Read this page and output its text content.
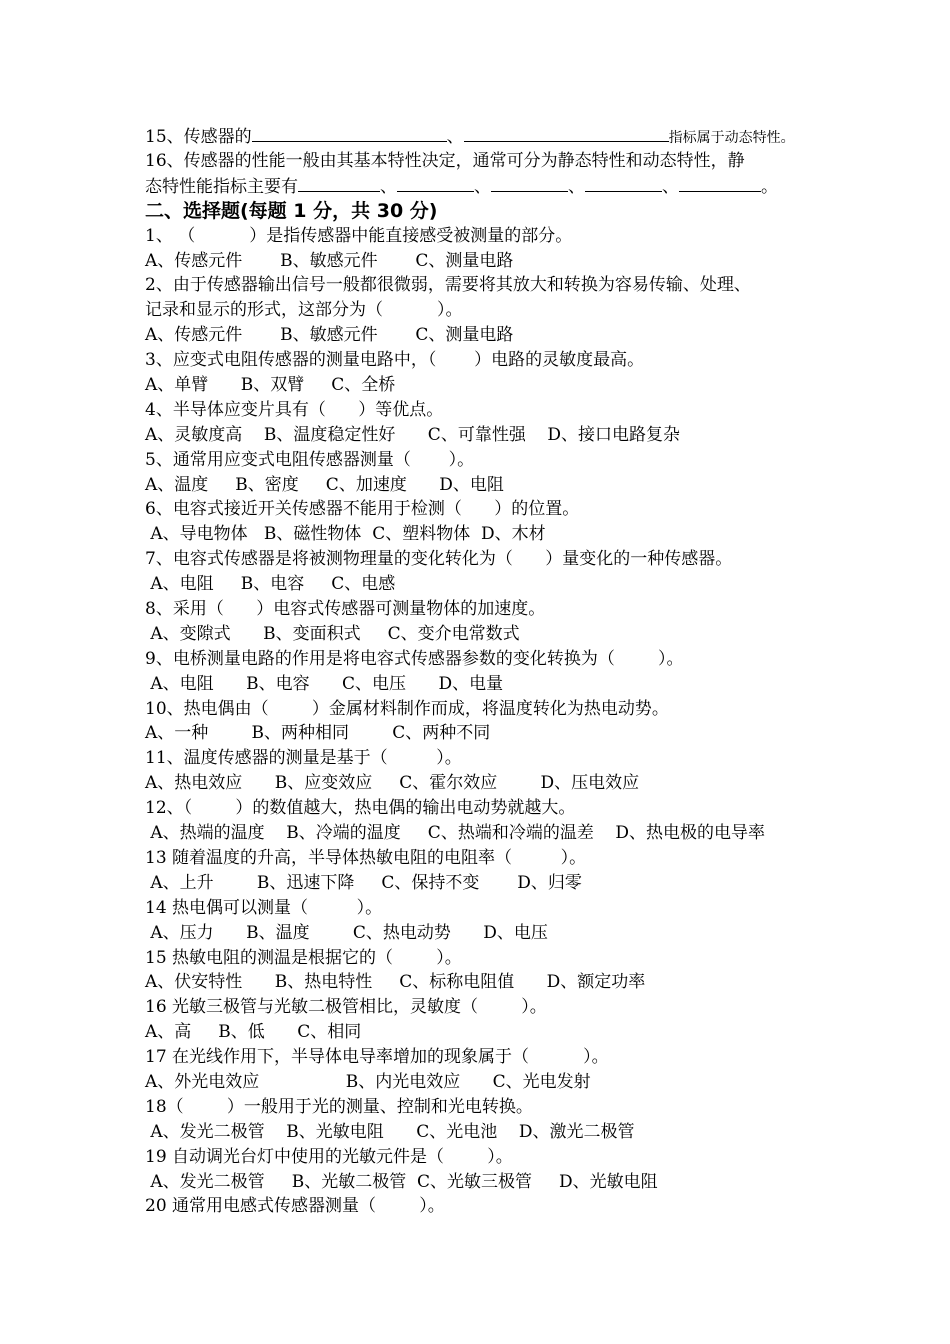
15、传感器的	、	指标属于动态特性。
16、传感器的性能一般由其基本特性决定，通常可分为静态特性和动态特性，静
态特性能指标主要有	、	、	、	、	。
二、选择题(每题 1 分，共 30 分)
1、 （          ）是指传感器中能直接感受被测量的部分。
A、传感元件       B、敏感元件       C、测量电路
2、由于传感器输出信号一般都很微弱，需要将其放大和转换为容易传输、处理、
记录和显示的形式，这部分为（          ）。
A、传感元件       B、敏感元件       C、测量电路
3、应变式电阻传感器的测量电路中，（       ）电路的灵敏度最高。
A、单臂      B、双臂     C、全桥
4、半导体应变片具有（      ）等优点。
A、灵敏度高    B、温度稳定性好      C、可靠性强    D、接口电路复杂
5、通常用应变式电阻传感器测量（       ）。
A、温度     B、密度     C、加速度      D、电阻
6、电容式接近开关传感器不能用于检测（      ）的位置。
A、导电物体   B、磁性物体  C、塑料物体  D、木材
7、电容式传感器是将被测物理量的变化转化为（      ）量变化的一种传感器。
A、电阻     B、电容     C、电感
8、采用（      ）电容式传感器可测量物体的加速度。
A、变隙式      B、变面积式     C、变介电常数式
9、电桥测量电路的作用是将电容式传感器参数的变化转换为（        ）。
A、电阻      B、电容      C、电压      D、电量
10、热电偶由（        ）金属材料制作而成，将温度转化为热电动势。
A、一种        B、两种相同        C、两种不同
11、温度传感器的测量是基于（         ）。
A、热电效应      B、应变效应     C、霍尔效应        D、压电效应
12、（        ）的数值越大，热电偶的输出电动势就越大。
A、热端的温度    B、冷端的温度     C、热端和冷端的温差    D、热电极的电导率
13 随着温度的升高，半导体热敏电阻的电阻率（         ）。
A、上升        B、迅速下降     C、保持不变       D、归零
14 热电偶可以测量（         ）。
A、压力      B、温度        C、热电动势      D、电压
15 热敏电阻的测温是根据它的（        ）。
A、伏安特性      B、热电特性     C、标称电阻值      D、额定功率
16 光敏三极管与光敏二极管相比，灵敏度（        ）。
A、高     B、低      C、相同
17 在光线作用下，半导体电导率增加的现象属于（          ）。
A、外光电效应                B、内光电效应      C、光电发射
18（        ）一般用于光的测量、控制和光电转换。
A、发光二极管    B、光敏电阻      C、光电池    D、激光二极管
19 自动调光台灯中使用的光敏元件是（        ）。
A、发光二极管     B、光敏二极管  C、光敏三极管     D、光敏电阻
20 通常用电感式传感器测量（        ）。
